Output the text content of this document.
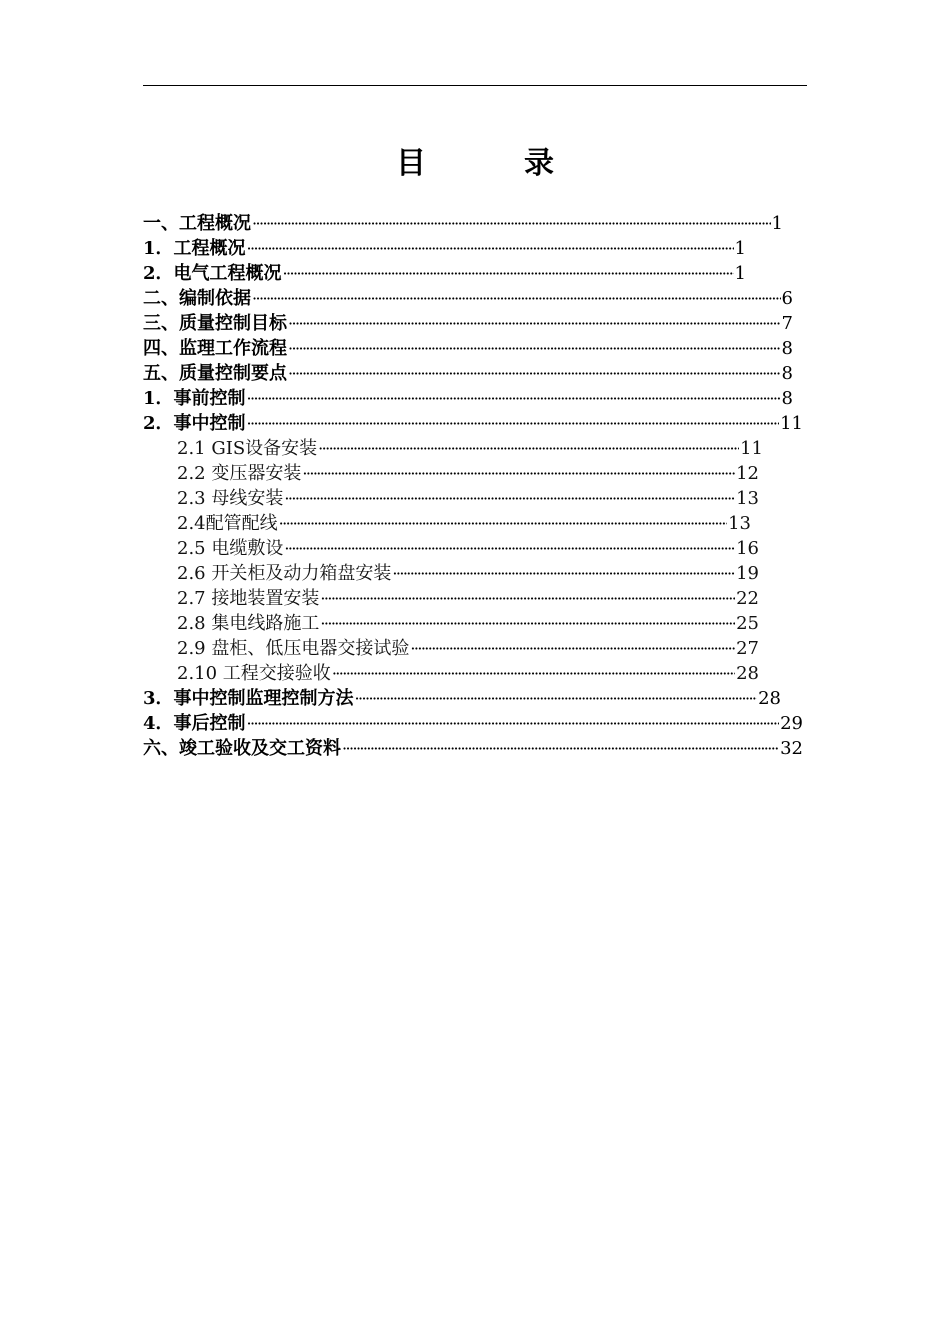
目　录
一、工程概况 ·····	1
1．工程概况 ·····	1
2．电气工程概况 ·····	1
二、编制依据 ·····	6
三、质量控制目标 ·····	7
四、监理工作流程 ·····	8
五、质量控制要点 ·····	8
1．事前控制 ·····	8
2．事中控制 ·····	11
2.1 GIS设备安装 ·····	11
2.2 变压器安装 ·····	12
2.3 母线安装 ·····	13
2.4配管配线 ·····	13
2.5 电缆敷设 ·····	16
2.6 开关柜及动力箱盘安装 ·····	19
2.7 接地装置安装 ·····	22
2.8 集电线路施工 ·····	25
2.9 盘柜、低压电器交接试验 ·····	27
2.10 工程交接验收 ·····	28
3．事中控制监理控制方法 ·····	28
4．事后控制 ·····	29
六、竣工验收及交工资料 ·····	32
